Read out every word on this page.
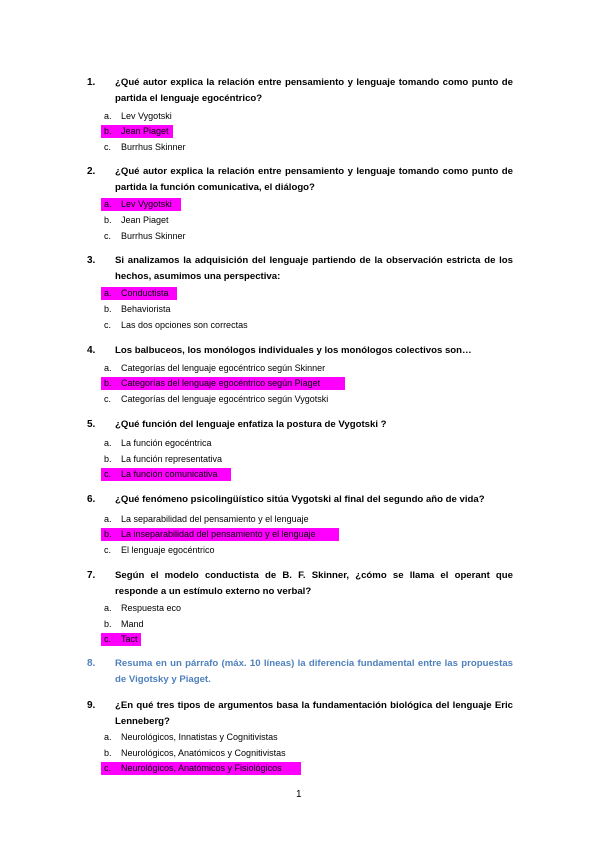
1. ¿Qué autor explica la relación entre pensamiento y lenguaje tomando como punto de partida el lenguaje egocéntrico?
a. Lev Vygotski
b. Jean Piaget
c. Burrhus Skinner
2. ¿Qué autor explica la relación entre pensamiento y lenguaje tomando como punto de partida la función comunicativa, el diálogo?
a. Lev Vygotski
b. Jean Piaget
c. Burrhus Skinner
3. Si analizamos la adquisición del lenguaje partiendo de la observación estricta de los hechos, asumimos una perspectiva:
a. Conductista
b. Behaviorista
c. Las dos opciones son correctas
4. Los balbuceos, los monólogos individuales y los monólogos colectivos son…
a. Categorías del lenguaje egocéntrico según Skinner
b. Categorías del lenguaje egocéntrico según Piaget
c. Categorías del lenguaje egocéntrico según Vygotski
5. ¿Qué función del lenguaje enfatiza la postura de Vygotski ?
a. La función egocéntrica
b. La función representativa
c. La función comunicativa
6. ¿Qué fenómeno psicolingüístico sitúa Vygotski al final del segundo año de vida?
a. La separabilidad del pensamiento y el lenguaje
b. La inseparabilidad del pensamiento y el lenguaje
c. El lenguaje egocéntrico
7. Según el modelo conductista de B. F. Skinner, ¿cómo se llama el operant que responde a un estímulo externo no verbal?
a. Respuesta eco
b. Mand
c. Tact
8. Resuma en un párrafo (máx. 10 líneas) la diferencia fundamental entre las propuestas de Vigotsky y Piaget.
9. ¿En qué tres tipos de argumentos basa la fundamentación biológica del lenguaje Eric Lenneberg?
a. Neurológicos, Innatistas y Cognitivistas
b. Neurológicos, Anatómicos y Cognitivistas
c. Neurológicos, Anatómicos y Fisiológicos
1
